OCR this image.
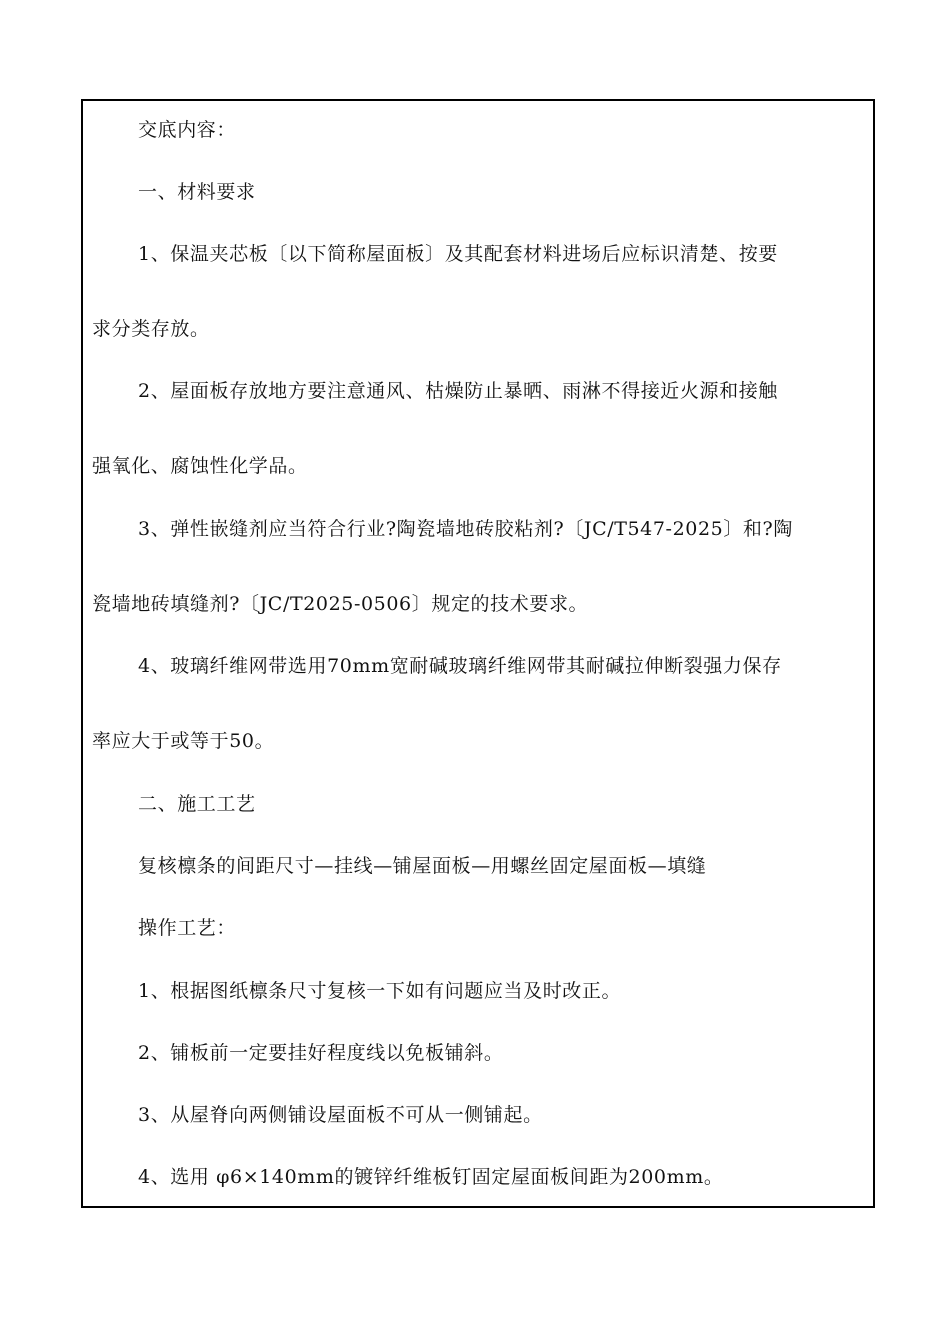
交底内容：
一、材料要求
1、保温夹芯板〔以下简称屋面板〕及其配套材料进场后应标识清楚、按要
求分类存放。
2、屋面板存放地方要注意通风、枯燥防止暴晒、雨淋不得接近火源和接触
强氧化、腐蚀性化学品。
3、弹性嵌缝剂应当符合行业?陶瓷墙地砖胶粘剂?〔JC/T547-2025〕和?陶
瓷墙地砖填缝剂?〔JC/T2025-0506〕规定的技术要求。
4、玻璃纤维网带选用70mm宽耐碱玻璃纤维网带其耐碱拉伸断裂强力保存
率应大于或等于50。
二、施工工艺
复核檩条的间距尺寸—挂线—铺屋面板—用螺丝固定屋面板—填缝
操作工艺：
1、根据图纸檩条尺寸复核一下如有问题应当及时改正。
2、铺板前一定要挂好程度线以免板铺斜。
3、从屋脊向两侧铺设屋面板不可从一侧铺起。
4、选用 φ6×140mm的镀锌纤维板钉固定屋面板间距为200mm。
